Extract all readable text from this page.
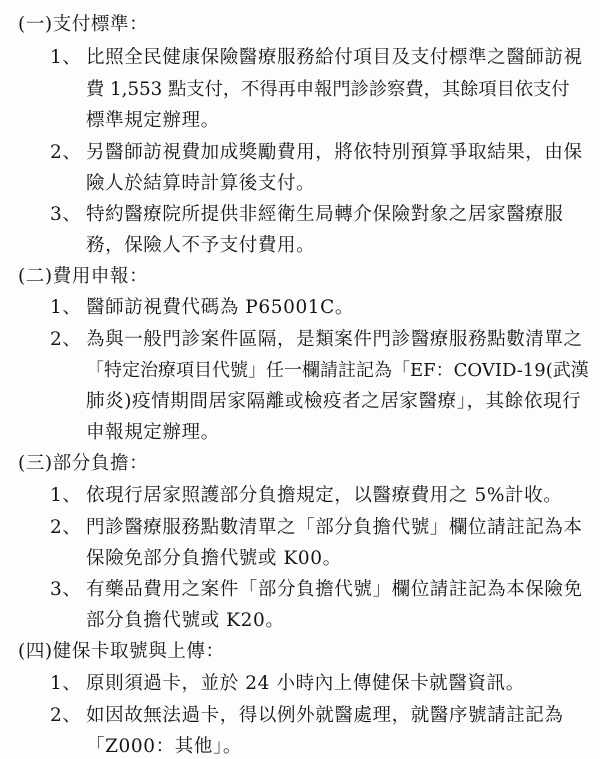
(一)支付標準：
1、 比照全民健康保險醫療服務給付項目及支付標準之醫師訪視
費 1,553 點支付，不得再申報門診診察費，其餘項目依支付
標準規定辦理。
2、 另醫師訪視費加成獎勵費用，將依特別預算爭取結果，由保
險人於結算時計算後支付。
3、 特約醫療院所提供非經衛生局轉介保險對象之居家醫療服
務，保險人不予支付費用。
(二)費用申報：
1、 醫師訪視費代碼為 P65001C。
2、 為與一般門診案件區隔，是類案件門診醫療服務點數清單之
「特定治療項目代號」任一欄請註記為「EF：COVID-19(武漢
肺炎)疫情期間居家隔離或檢疫者之居家醫療」，其餘依現行
申報規定辦理。
(三)部分負擔：
1、 依現行居家照護部分負擔規定，以醫療費用之 5%計收。
2、 門診醫療服務點數清單之「部分負擔代號」欄位請註記為本
保險免部分負擔代號或 K00。
3、 有藥品費用之案件「部分負擔代號」欄位請註記為本保險免
部分負擔代號或 K20。
(四)健保卡取號與上傳：
1、 原則須過卡，並於 24 小時內上傳健保卡就醫資訊。
2、 如因故無法過卡，得以例外就醫處理，就醫序號請註記為
「Z000：其他」。
